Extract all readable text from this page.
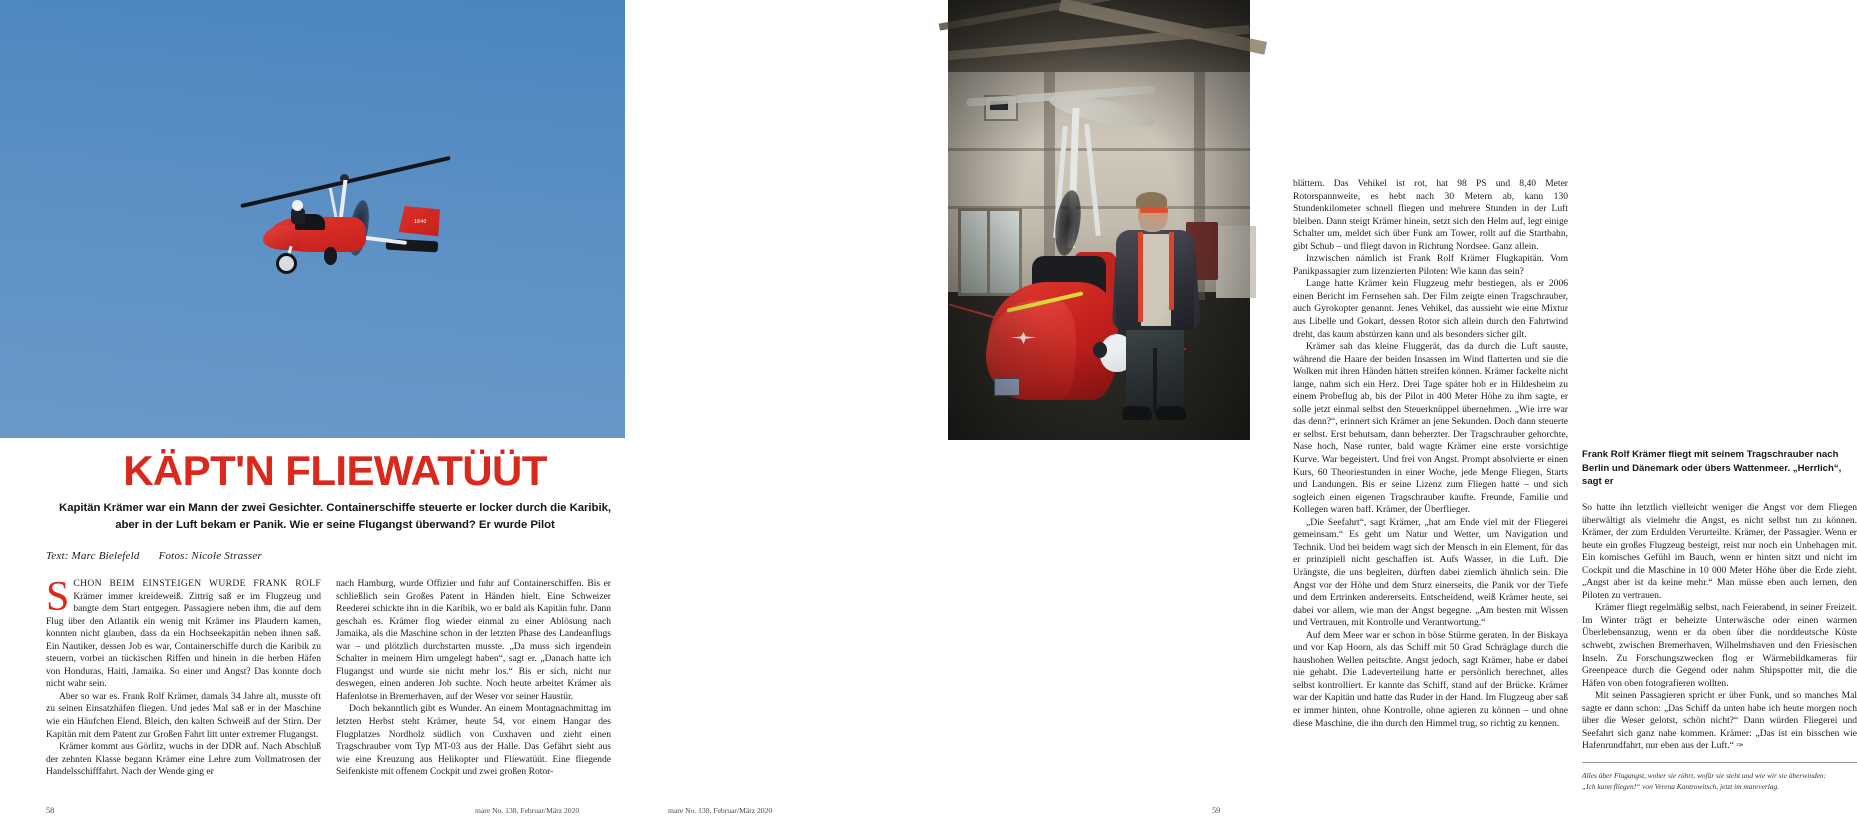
1840
KÄPT'N FLIEWATÜÜT
Kapitän Krämer war ein Mann der zwei Gesichter. Containerschiffe steuerte er locker durch die Karibik, aber in der Luft bekam er Panik. Wie er seine Flugangst überwand? Er wurde Pilot
Text: Marc Bielefeld Fotos: Nicole Strasser

SCHON BEIM EINSTEIGEN WURDE FRANK ROLF Krämer immer kreideweiß. Zittrig saß er im Flugzeug und bangte dem Start entgegen. Passagiere neben ihm, die auf dem Flug über den Atlantik ein wenig mit Krämer ins Plaudern kamen, konnten nicht glauben, dass da ein Hochseekapitän neben ihnen saß. Ein Nautiker, dessen Job es war, Containerschiffe durch die Karibik zu steuern, vorbei an tückischen Riffen und hinein in die herben Häfen von Honduras, Haiti, Jamaika. So einer und Angst? Das konnte doch nicht wahr sein.

Aber so war es. Frank Rolf Krämer, damals 34 Jahre alt, musste oft zu seinen Einsatzhäfen fliegen. Und jedes Mal saß er in der Maschine wie ein Häufchen Elend. Bleich, den kalten Schweiß auf der Stirn. Der Kapitän mit dem Patent zur Großen Fahrt litt unter extremer Flugangst.

Krämer kommt aus Görlitz, wuchs in der DDR auf. Nach Abschluß der zehnten Klasse begann Krämer eine Lehre zum Vollmatrosen der Handelsschifffahrt. Nach der Wende ging er

nach Hamburg, wurde Offizier und fuhr auf Containerschiffen. Bis er schließlich sein Großes Patent in Händen hielt. Eine Schweizer Reederei schickte ihn in die Karibik, wo er bald als Kapitän fuhr. Dann geschah es. Krämer flog wieder einmal zu einer Ablösung nach Jamaika, als die Maschine schon in der letzten Phase des Landeanflugs war – und plötzlich durchstarten musste. „Da muss sich irgendein Schalter in meinem Hirn umgelegt haben“, sagt er. „Danach hatte ich Flugangst und wurde sie nicht mehr los.“ Bis er sich, nicht nur deswegen, einen anderen Job suchte. Noch heute arbeitet Krämer als Hafenlotse in Bremerhaven, auf der Weser vor seiner Haustür.

Doch bekanntlich gibt es Wunder. An einem Montagnachmittag im letzten Herbst steht Krämer, heute 54, vor einem Hangar des Flugplatzes Nordholz südlich von Cuxhaven und zieht einen Tragschrauber vom Typ MT-03 aus der Halle. Das Gefährt sieht aus wie eine Kreuzung aus Helikopter und Fliewatüüt. Eine fliegende Seifenkiste mit offenem Cockpit und zwei großen Rotor-

58	mare No. 138, Februar/März 2020
Frank Rolf Krämer fliegt mit seinem Tragschrauber nach Berlin und Dänemark oder übers Wattenmeer. „Herrlich“, sagt er

blättern. Das Vehikel ist rot, hat 98 PS und 8,40 Meter Rotorspannweite, es hebt nach 30 Metern ab, kann 130 Stundenkilometer schnell fliegen und mehrere Stunden in der Luft bleiben. Dann steigt Krämer hinein, setzt sich den Helm auf, legt einige Schalter um, meldet sich über Funk am Tower, rollt auf die Startbahn, gibt Schub – und fliegt davon in Richtung Nordsee. Ganz allein.

Inzwischen nämlich ist Frank Rolf Krämer Flugkapitän. Vom Panikpassagier zum lizenzierten Piloten: Wie kann das sein?

Lange hatte Krämer kein Flugzeug mehr bestiegen, als er 2006 einen Bericht im Fernsehen sah. Der Film zeigte einen Tragschrauber, auch Gyrokopter genannt. Jenes Vehikel, das aussieht wie eine Mixtur aus Libelle und Gokart, dessen Rotor sich allein durch den Fahrtwind dreht, das kaum abstürzen kann und als besonders sicher gilt.

Krämer sah das kleine Fluggerät, das da durch die Luft sauste, während die Haare der beiden Insassen im Wind flatterten und sie die Wolken mit ihren Händen hätten streifen können. Krämer fackelte nicht lange, nahm sich ein Herz. Drei Tage später hob er in Hildesheim zu einem Probeflug ab, bis der Pilot in 400 Meter Höhe zu ihm sagte, er solle jetzt einmal selbst den Steuerknüppel übernehmen. „Wie irre war das denn?“, erinnert sich Krämer an jene Sekunden. Doch dann steuerte er selbst. Erst behutsam, dann beherzter. Der Tragschrauber gehorchte, Nase hoch, Nase runter, bald wagte Krämer eine erste vorsichtige Kurve. War begeistert. Und frei von Angst. Prompt absolvierte er einen Kurs, 60 Theoriestunden in einer Woche, jede Menge Fliegen, Starts und Landungen. Bis er seine Lizenz zum Fliegen hatte – und sich sogleich einen eigenen Tragschrauber kaufte. Freunde, Familie und Kollegen waren baff. Krämer, der Überflieger.

„Die Seefahrt“, sagt Krämer, „hat am Ende viel mit der Fliegerei gemeinsam.“ Es geht um Natur und Wetter, um Navigation und Technik. Und bei beidem wagt sich der Mensch in ein Element, für das er prinzipiell nicht geschaffen ist. Aufs Wasser, in die Luft. Die Urängste, die uns begleiten, dürften dabei ziemlich ähnlich sein. Die Angst vor der Höhe und dem Sturz einerseits, die Panik vor der Tiefe und dem Ertrinken andererseits. Entscheidend, weiß Krämer heute, sei dabei vor allem, wie man der Angst begegne. „Am besten mit Wissen und Vertrauen, mit Kontrolle und Verantwortung.“

Auf dem Meer war er schon in böse Stürme geraten. In der Biskaya und vor Kap Hoorn, als das Schiff mit 50 Grad Schräglage durch die haushohen Wellen peitschte. Angst jedoch, sagt Krämer, habe er dabei nie gehabt. Die Ladeverteilung hatte er persönlich berechnet, alles selbst kontrolliert. Er kannte das Schiff, stand auf der Brücke. Krämer war der Kapitän und hatte das Ruder in der Hand. Im Flugzeug aber saß er immer hinten, ohne Kontrolle, ohne agieren zu können – und ohne diese Maschine, die ihn durch den Himmel trug, so richtig zu kennen.

So hatte ihn letztlich vielleicht weniger die Angst vor dem Fliegen überwältigt als vielmehr die Angst, es nicht selbst tun zu können. Krämer, der zum Erdulden Verurteilte. Krämer, der Passagier. Wenn er heute ein großes Flugzeug besteigt, reist nur noch ein Unbehagen mit. Ein komisches Gefühl im Bauch, wenn er hinten sitzt und nicht im Cockpit und die Maschine in 10 000 Meter Höhe über die Erde zieht. „Angst aber ist da keine mehr.“ Man müsse eben auch lernen, den Piloten zu vertrauen.

Krämer fliegt regelmäßig selbst, nach Feierabend, in seiner Freizeit. Im Winter trägt er beheizte Unterwäsche oder einen warmen Überlebensanzug, wenn er da oben über die norddeutsche Küste schwebt, zwischen Bremerhaven, Wilhelmshaven und den Friesischen Inseln. Zu Forschungszwecken flog er Wärmebildkameras für Greenpeace durch die Gegend oder nahm Shipspotter mit, die die Häfen von oben fotografieren wollten.

Mit seinen Passagieren spricht er über Funk, und so manches Mal sagte er dann schon: „Das Schiff da unten habe ich heute morgen noch über die Weser gelotst, schön nicht?“ Dann würden Fliegerei und Seefahrt sich ganz nahe kommen. Krämer: „Das ist ein bisschen wie Hafenrundfahrt, nur eben aus der Luft.“ ✑

Alles über Flugangst, woher sie rührt, wofür sie steht und wie wir sie überwinden:
„Ich kann fliegen!“ von Verena Kantrowitsch, jetzt im mareverlag.
59
mare No. 138, Februar/März 2020
